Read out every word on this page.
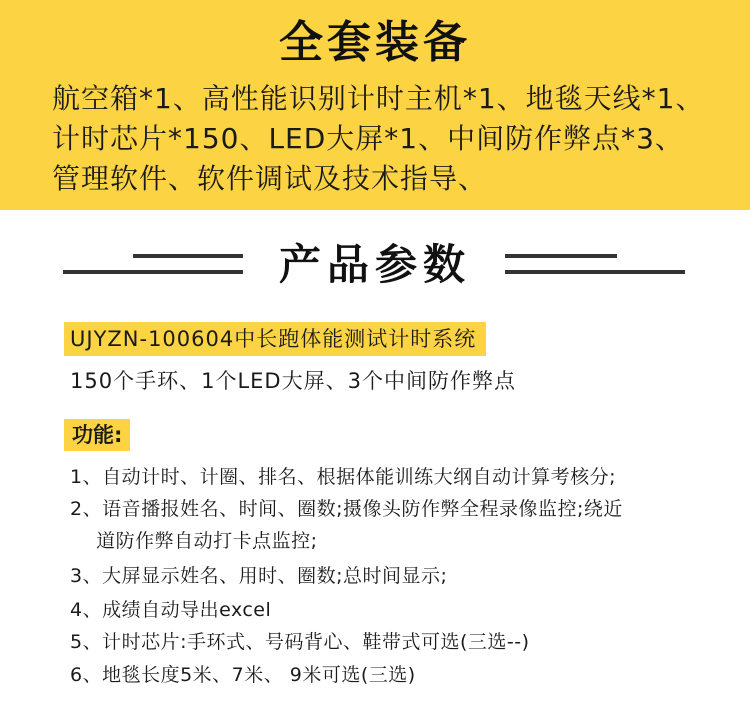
全套装备
航空箱*1、高性能识别计时主机*1、地毯天线*1、
计时芯片*150、LED大屏*1、中间防作弊点*3、
管理软件、软件调试及技术指导、
产品参数
UJYZN-100604中长跑体能测试计时系统
150个手环、1个LED大屏、3个中间防作弊点
功能:
1、自动计时、计圈、排名、根据体能训练大纲自动计算考核分;
2、语音播报姓名、时间、圈数;摄像头防作弊全程录像监控;绕近
道防作弊自动打卡点监控;
3、大屏显示姓名、用时、圈数;总时间显示;
4、成绩自动导出excel
5、计时芯片:手环式、号码背心、鞋带式可选(三选--)
6、地毯长度5米、7米、 9米可选(三选)
